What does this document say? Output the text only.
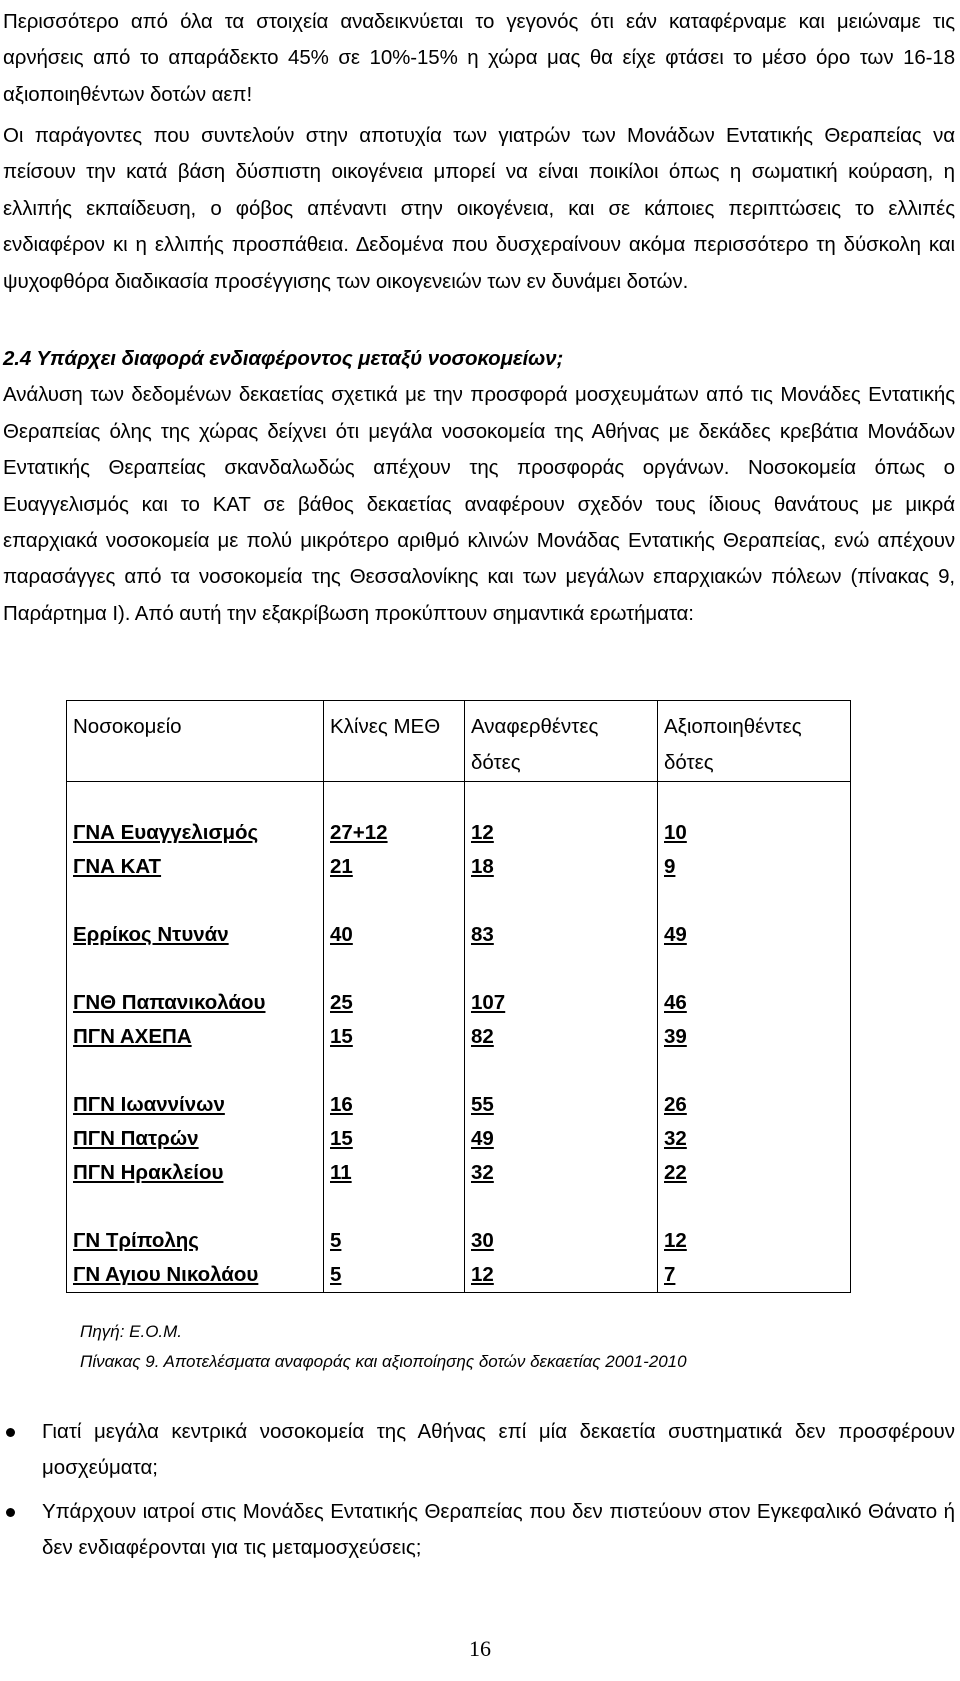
Περισσότερο από όλα τα στοιχεία αναδεικνύεται το γεγονός ότι εάν καταφέρναμε και μειώναμε τις αρνήσεις από το απαράδεκτο 45% σε 10%-15% η χώρα μας θα είχε φτάσει το μέσο όρο των 16-18 αξιοποιηθέντων δοτών αεπ!

Οι παράγοντες που συντελούν στην αποτυχία των γιατρών των Μονάδων Εντατικής Θεραπείας να πείσουν την κατά βάση δύσπιστη οικογένεια μπορεί να είναι ποικίλοι όπως η σωματική κούραση, η ελλιπής εκπαίδευση, ο φόβος απέναντι στην οικογένεια, και σε κάποιες περιπτώσεις το ελλιπές ενδιαφέρον κι η ελλιπής προσπάθεια. Δεδομένα που δυσχεραίνουν ακόμα περισσότερο τη δύσκολη και ψυχοφθόρα διαδικασία προσέγγισης των οικογενειών των εν δυνάμει δοτών.

2.4 Υπάρχει διαφορά ενδιαφέροντος μεταξύ νοσοκομείων;
Ανάλυση των δεδομένων δεκαετίας σχετικά με την προσφορά μοσχευμάτων από τις Μονάδες Εντατικής Θεραπείας όλης της χώρας δείχνει ότι μεγάλα νοσοκομεία της Αθήνας με δεκάδες κρεβάτια Μονάδων Εντατικής Θεραπείας σκανδαλωδώς απέχουν της προσφοράς οργάνων. Νοσοκομεία όπως ο Ευαγγελισμός και το ΚΑΤ σε βάθος δεκαετίας αναφέρουν σχεδόν τους ίδιους θανάτους με μικρά επαρχιακά νοσοκομεία με πολύ μικρότερο αριθμό κλινών Μονάδας Εντατικής Θεραπείας, ενώ απέχουν παρασάγγες από τα νοσοκομεία της Θεσσαλονίκης και των μεγάλων επαρχιακών πόλεων (πίνακας 9, Παράρτημα Ι). Από αυτή την εξακρίβωση προκύπτουν σημαντικά ερωτήματα:
Νοσοκομείο	Κλίνες ΜΕΘ	Αναφερθέντες δότες	Αξιοποιηθέντες δότες

ΓΝΑ Ευαγγελισμός	27+12	12	10
ΓΝΑ ΚΑΤ	21	18	9

Ερρίκος Ντυνάν	40	83	49

ΓΝΘ Παπανικολάου	25	107	46
ΠΓΝ ΑΧΕΠΑ	15	82	39

ΠΓΝ Ιωαννίνων	16	55	26
ΠΓΝ Πατρών	15	49	32
ΠΓΝ Ηρακλείου	11	32	22

ΓΝ Τρίπολης	5	30	12
ΓΝ Αγιου Νικολάου	5	12	7
Πηγή: Ε.Ο.Μ.
Πίνακας 9. Αποτελέσματα αναφοράς και αξιοποίησης δοτών δεκαετίας 2001-2010
Γιατί μεγάλα κεντρικά νοσοκομεία της Αθήνας επί μία δεκαετία συστηματικά δεν προσφέρουν μοσχεύματα;
Υπάρχουν ιατροί στις Μονάδες Εντατικής Θεραπείας που δεν πιστεύουν στον Εγκεφαλικό Θάνατο ή δεν ενδιαφέρονται για τις μεταμοσχεύσεις;
16
